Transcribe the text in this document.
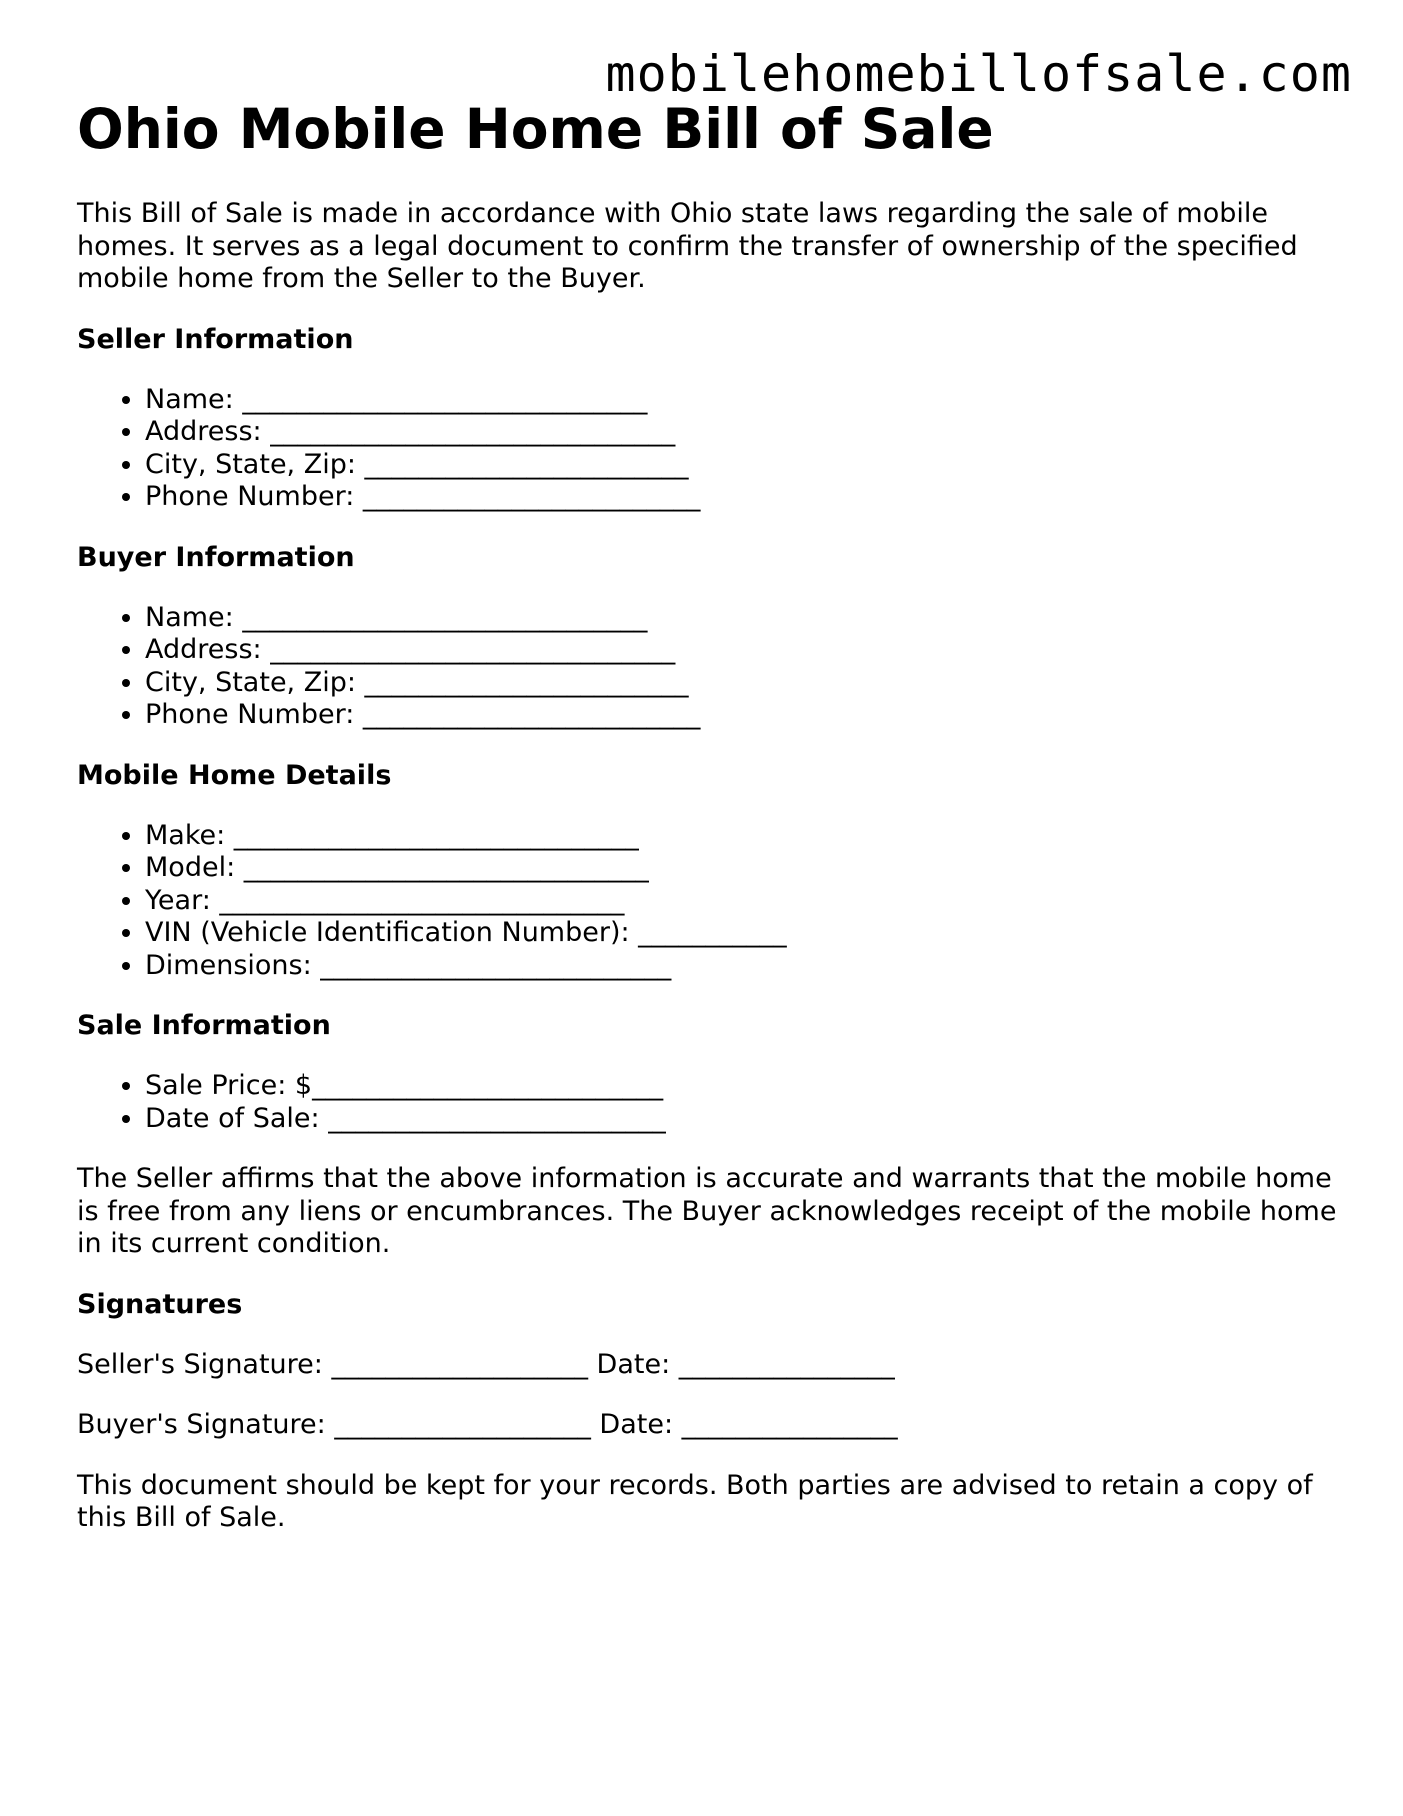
mobilehomebillofsale.com
Ohio Mobile Home Bill of Sale

This Bill of Sale is made in accordance with Ohio state laws regarding the sale of mobile homes. It serves as a legal document to confirm the transfer of ownership of the specified mobile home from the Seller to the Buyer.

Seller Information
• Name: ______________________________
• Address: ______________________________
• City, State, Zip: ________________________
• Phone Number: _________________________
Buyer Information
• Name: ______________________________
• Address: ______________________________
• City, State, Zip: ________________________
• Phone Number: _________________________
Mobile Home Details
• Make: ______________________________
• Model: ______________________________
• Year: ______________________________
• VIN (Vehicle Identification Number): ___________
• Dimensions: __________________________
Sale Information
• Sale Price: $__________________________
• Date of Sale: _________________________

The Seller affirms that the above information is accurate and warrants that the mobile home is free from any liens or encumbrances. The Buyer acknowledges receipt of the mobile home in its current condition.

Signatures

Seller's Signature: ___________________ Date: ________________

Buyer's Signature: ___________________ Date: ________________

This document should be kept for your records. Both parties are advised to retain a copy of this Bill of Sale.
